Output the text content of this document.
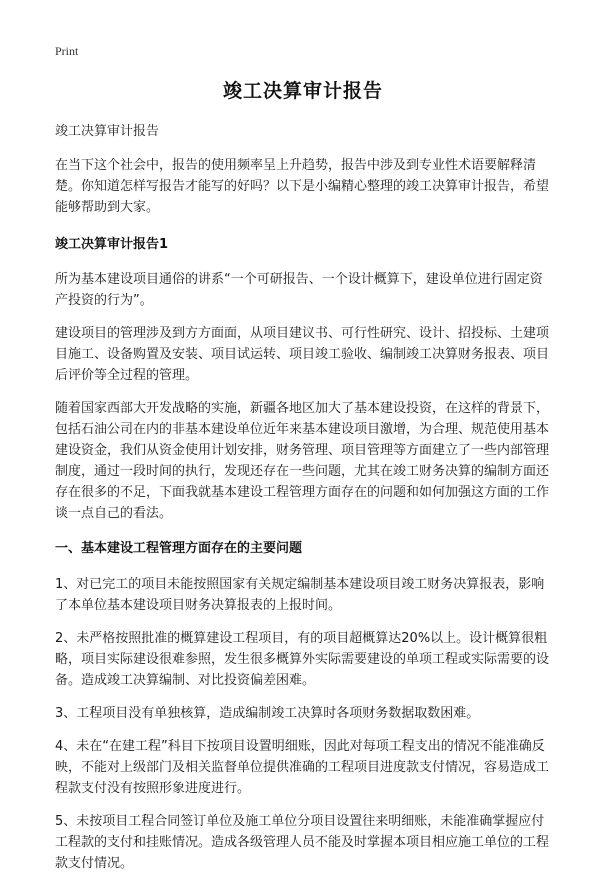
Print
竣工决算审计报告
竣工决算审计报告

在当下这个社会中，报告的使用频率呈上升趋势，报告中涉及到专业性术语要解释清楚。你知道怎样写报告才能写的好吗？以下是小编精心整理的竣工决算审计报告，希望能够帮助到大家。

竣工决算审计报告1

所为基本建设项目通俗的讲系“一个可研报告、一个设计概算下，建设单位进行固定资产投资的行为”。

建设项目的管理涉及到方方面面，从项目建议书、可行性研究、设计、招投标、土建项目施工、设备购置及安装、项目试运转、项目竣工验收、编制竣工决算财务报表、项目后评价等全过程的管理。

随着国家西部大开发战略的实施，新疆各地区加大了基本建设投资，在这样的背景下，包括石油公司在内的非基本建设单位近年来基本建设项目激增，为合理、规范使用基本建设资金，我们从资金使用计划安排，财务管理、项目管理等方面建立了一些内部管理制度，通过一段时间的执行，发现还存在一些问题，尤其在竣工财务决算的编制方面还存在很多的不足，下面我就基本建设工程管理方面存在的问题和如何加强这方面的工作谈一点自己的看法。

一、基本建设工程管理方面存在的主要问题

1、对已完工的项目未能按照国家有关规定编制基本建设项目竣工财务决算报表，影响了本单位基本建设项目财务决算报表的上报时间。

2、未严格按照批准的概算建设工程项目，有的项目超概算达20%以上。设计概算很粗略，项目实际建设很难参照，发生很多概算外实际需要建设的单项工程或实际需要的设备。造成竣工决算编制、对比投资偏差困难。

3、工程项目没有单独核算，造成编制竣工决算时各项财务数据取数困难。

4、未在“在建工程”科目下按项目设置明细账，因此对每项工程支出的情况不能准确反映，不能对上级部门及相关监督单位提供准确的工程项目进度款支付情况，容易造成工程款支付没有按照形象进度进行。

5、未按项目工程合同签订单位及施工单位分项目设置往来明细账，未能准确掌握应付工程款的支付和挂账情况。造成各级管理人员不能及时掌握本项目相应施工单位的工程款支付情况。
